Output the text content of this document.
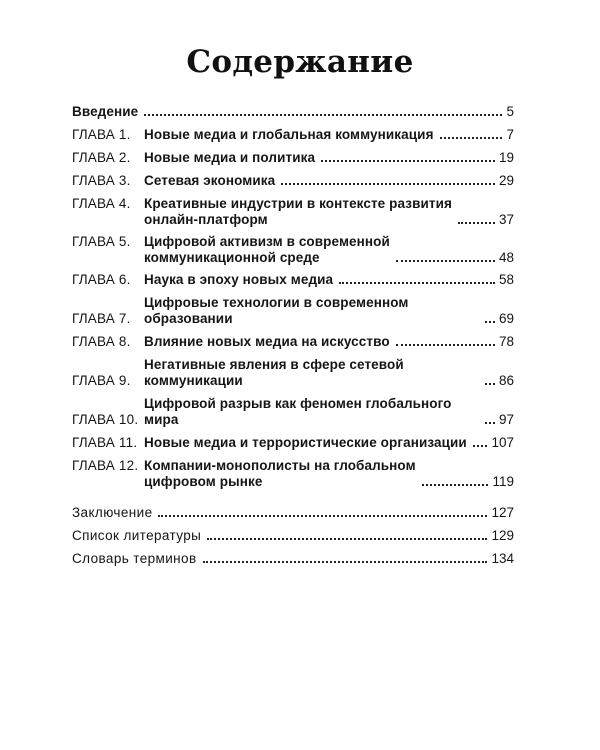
Содержание
Введение	5
ГЛАВА 1. Новые медиа и глобальная коммуникация	7
ГЛАВА 2. Новые медиа и политика	19
ГЛАВА 3. Сетевая экономика	29
ГЛАВА 4. Креативные индустрии в контексте развития
онлайн-платформ	37
ГЛАВА 5. Цифровой активизм в современной
коммуникационной среде	48
ГЛАВА 6. Наука в эпоху новых медиа	58
ГЛАВА 7.
Цифровые технологии в современном образовании	69
ГЛАВА 8. Влияние новых медиа на искусство	78
ГЛАВА 9.
Негативные явления в сфере сетевой коммуникации	86
ГЛАВА 10.
Цифровой разрыв как феномен глобального мира	97
ГЛАВА 11. Новые медиа и террористические организации 107
ГЛАВА 12. Компании-монополисты на глобальном
цифровом рынке	119
Заключение	127
Список литературы	129
Словарь терминов	134
